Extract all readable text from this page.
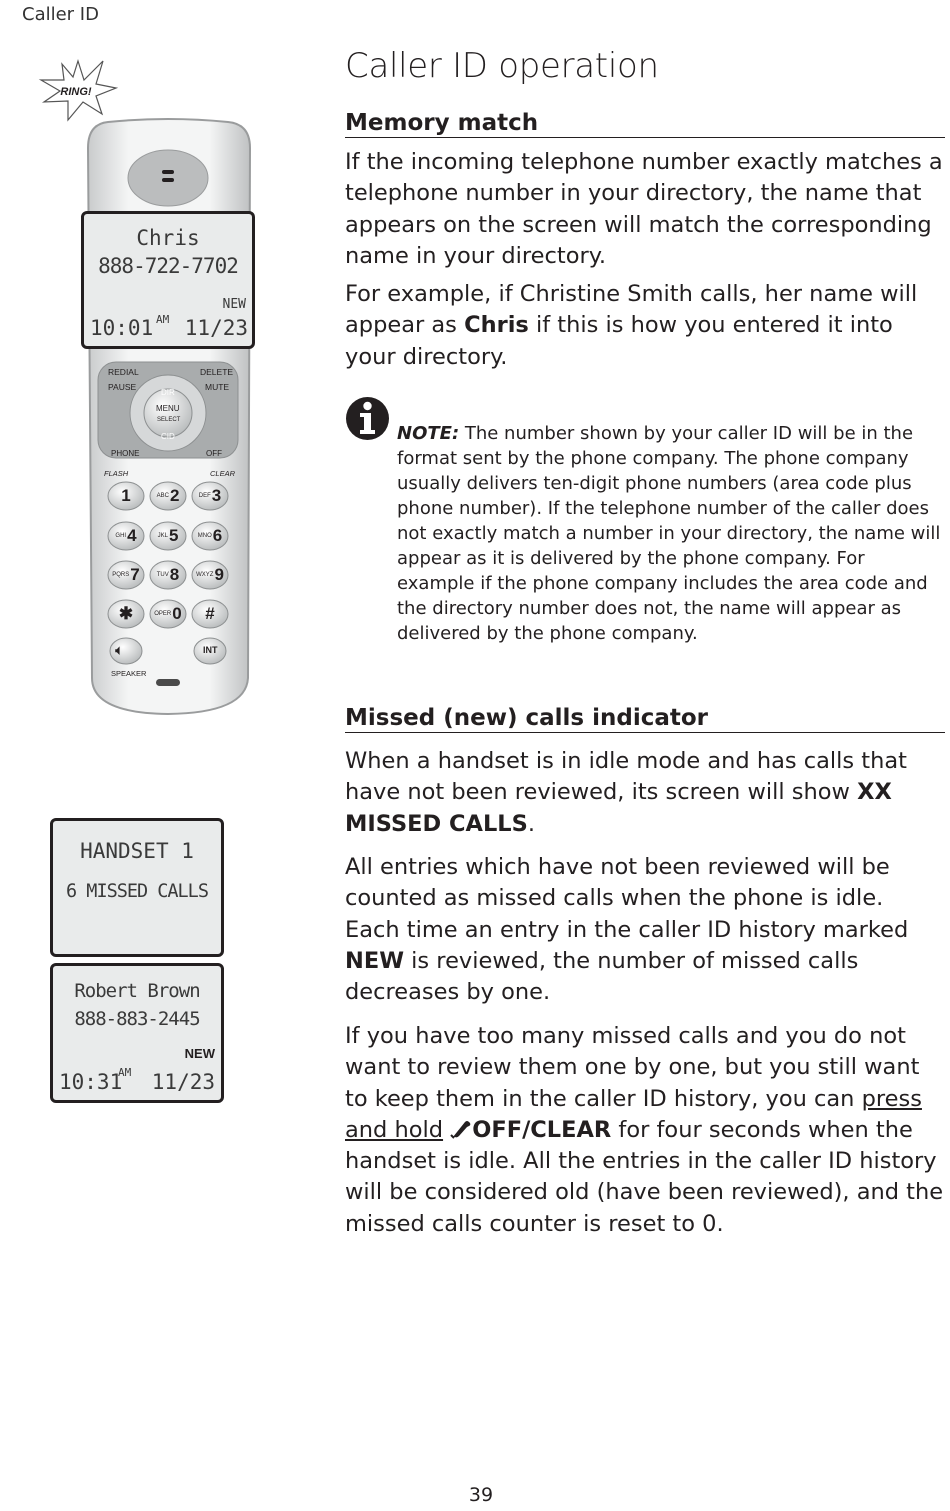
Caller ID
Caller ID operation
Memory match
If the incoming telephone number exactly matches a telephone number in your directory, the name that appears on the screen will match the corresponding name in your directory.
For example, if Christine Smith calls, her name will appear as Chris if this is how you entered it into your directory.
NOTE: The number shown by your caller ID will be in the format sent by the phone company. The phone company usually delivers ten-digit phone numbers (area code plus phone number). If the telephone number of the caller does not exactly match a number in your directory, the name will appear as it is delivered by the phone company. For example if the phone company includes the area code and the directory number does not, the name will appear as delivered by the phone company.
Missed (new) calls indicator
When a handset is in idle mode and has calls that have not been reviewed, its screen will show XX MISSED CALLS.
All entries which have not been reviewed will be counted as missed calls when the phone is idle. Each time an entry in the caller ID history marked NEW is reviewed, the number of missed calls decreases by one.
If you have too many missed calls and you do not want to review them one by one, but you still want to keep them in the caller ID history, you can press and hold OFF/CLEAR for four seconds when the handset is idle. All the entries in the caller ID history will be considered old (have been reviewed), and the missed calls counter is reset to 0.
39
RING!
REDIAL
PAUSE
DELETE
MUTE
DIR
MENU
SELECT
CID
PHONE	OFF
FLASH	CLEAR
SPEAKER
INT
🔈︎
1	ABC 2	DEF 3
GHI 4	JKL 5	MNO 6
PQRS 7	TUV 8	WXYZ 9
✱	OPER 0 #
Chris
888-722-7702
NEW
10:01 AM 11/23
HANDSET 1
6 MISSED CALLS
Robert Brown
888-883-2445
NEW
10:31
AM 11/23
